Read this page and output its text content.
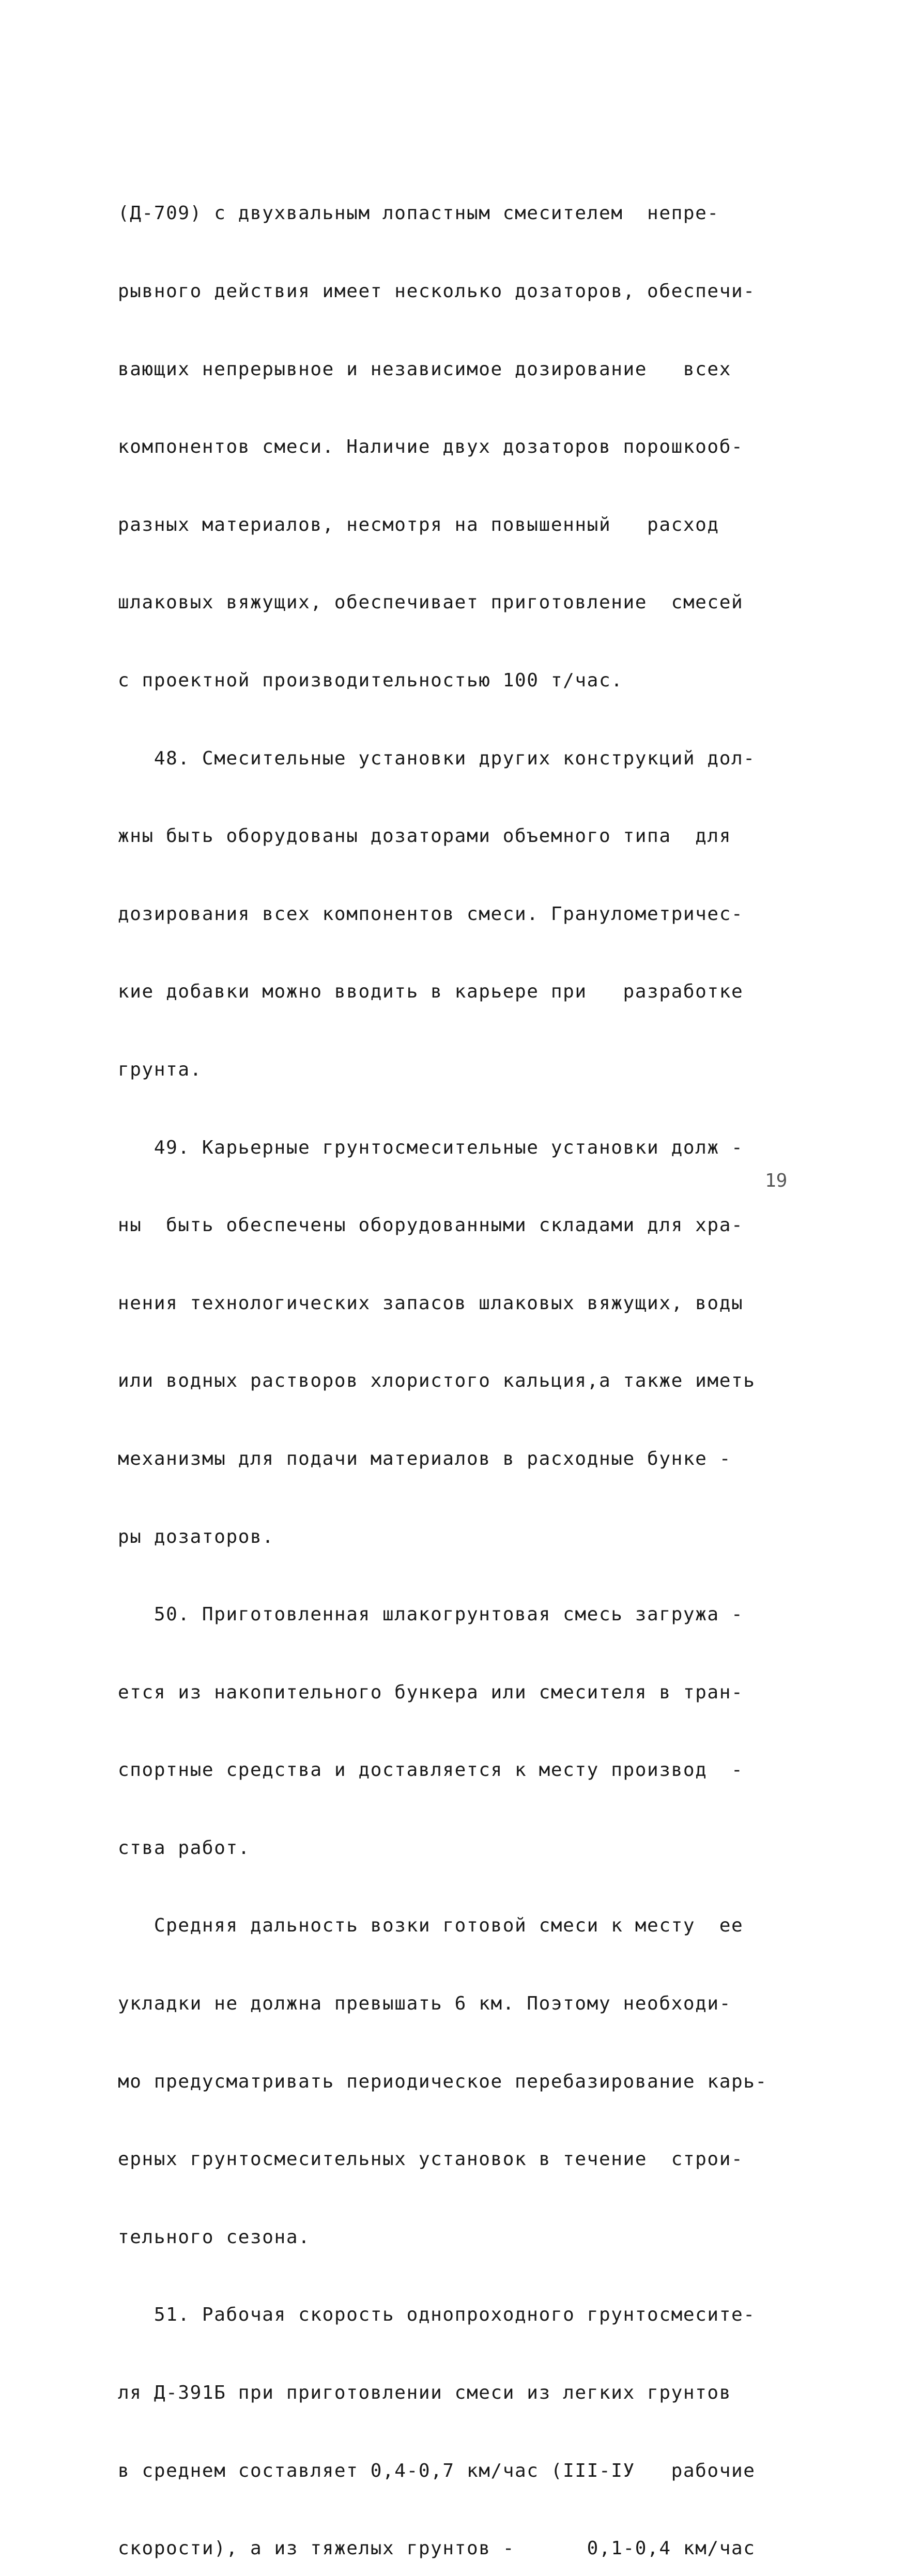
(Д-709) с двухвальным лопастным смесителем  непре-

рывного действия имеет несколько дозаторов, обеспечи-

вающих непрерывное и независимое дозирование   всех

компонентов смеси. Наличие двух дозаторов порошкооб-

разных материалов, несмотря на повышенный   расход

шлаковых вяжущих, обеспечивает приготовление  смесей

с проектной производительностью 100 т/час.

48. Смесительные установки других конструкций дол-

жны быть оборудованы дозаторами объемного типа  для

дозирования всех компонентов смеси. Гранулометричес-

кие добавки можно вводить в карьере при   разработке

грунта.

49. Карьерные грунтосмесительные установки долж -

ны  быть обеспечены оборудованными складами для хра-

нения технологических запасов шлаковых вяжущих, воды

или водных растворов хлористого кальция,а также иметь

механизмы для подачи материалов в расходные бунке -

ры дозаторов.

50. Приготовленная шлакогрунтовая смесь загружа -

ется из накопительного бункера или смесителя в тран-

спортные средства и доставляется к месту производ  -

ства работ.

Средняя дальность возки готовой смеси к месту  ее

укладки не должна превышать 6 км. Поэтому необходи-

мо предусматривать периодическое перебазирование карь-

ерных грунтосмесительных установок в течение  строи-

тельного сезона.

51. Рабочая скорость однопроходного грунтосмесите-

ля Д-391Б при приготовлении смеси из легких грунтов

в среднем составляет 0,4-0,7 км/час (III-IУ   рабочие

скорости), а из тяжелых грунтов -      0,1-0,4 км/час

19
